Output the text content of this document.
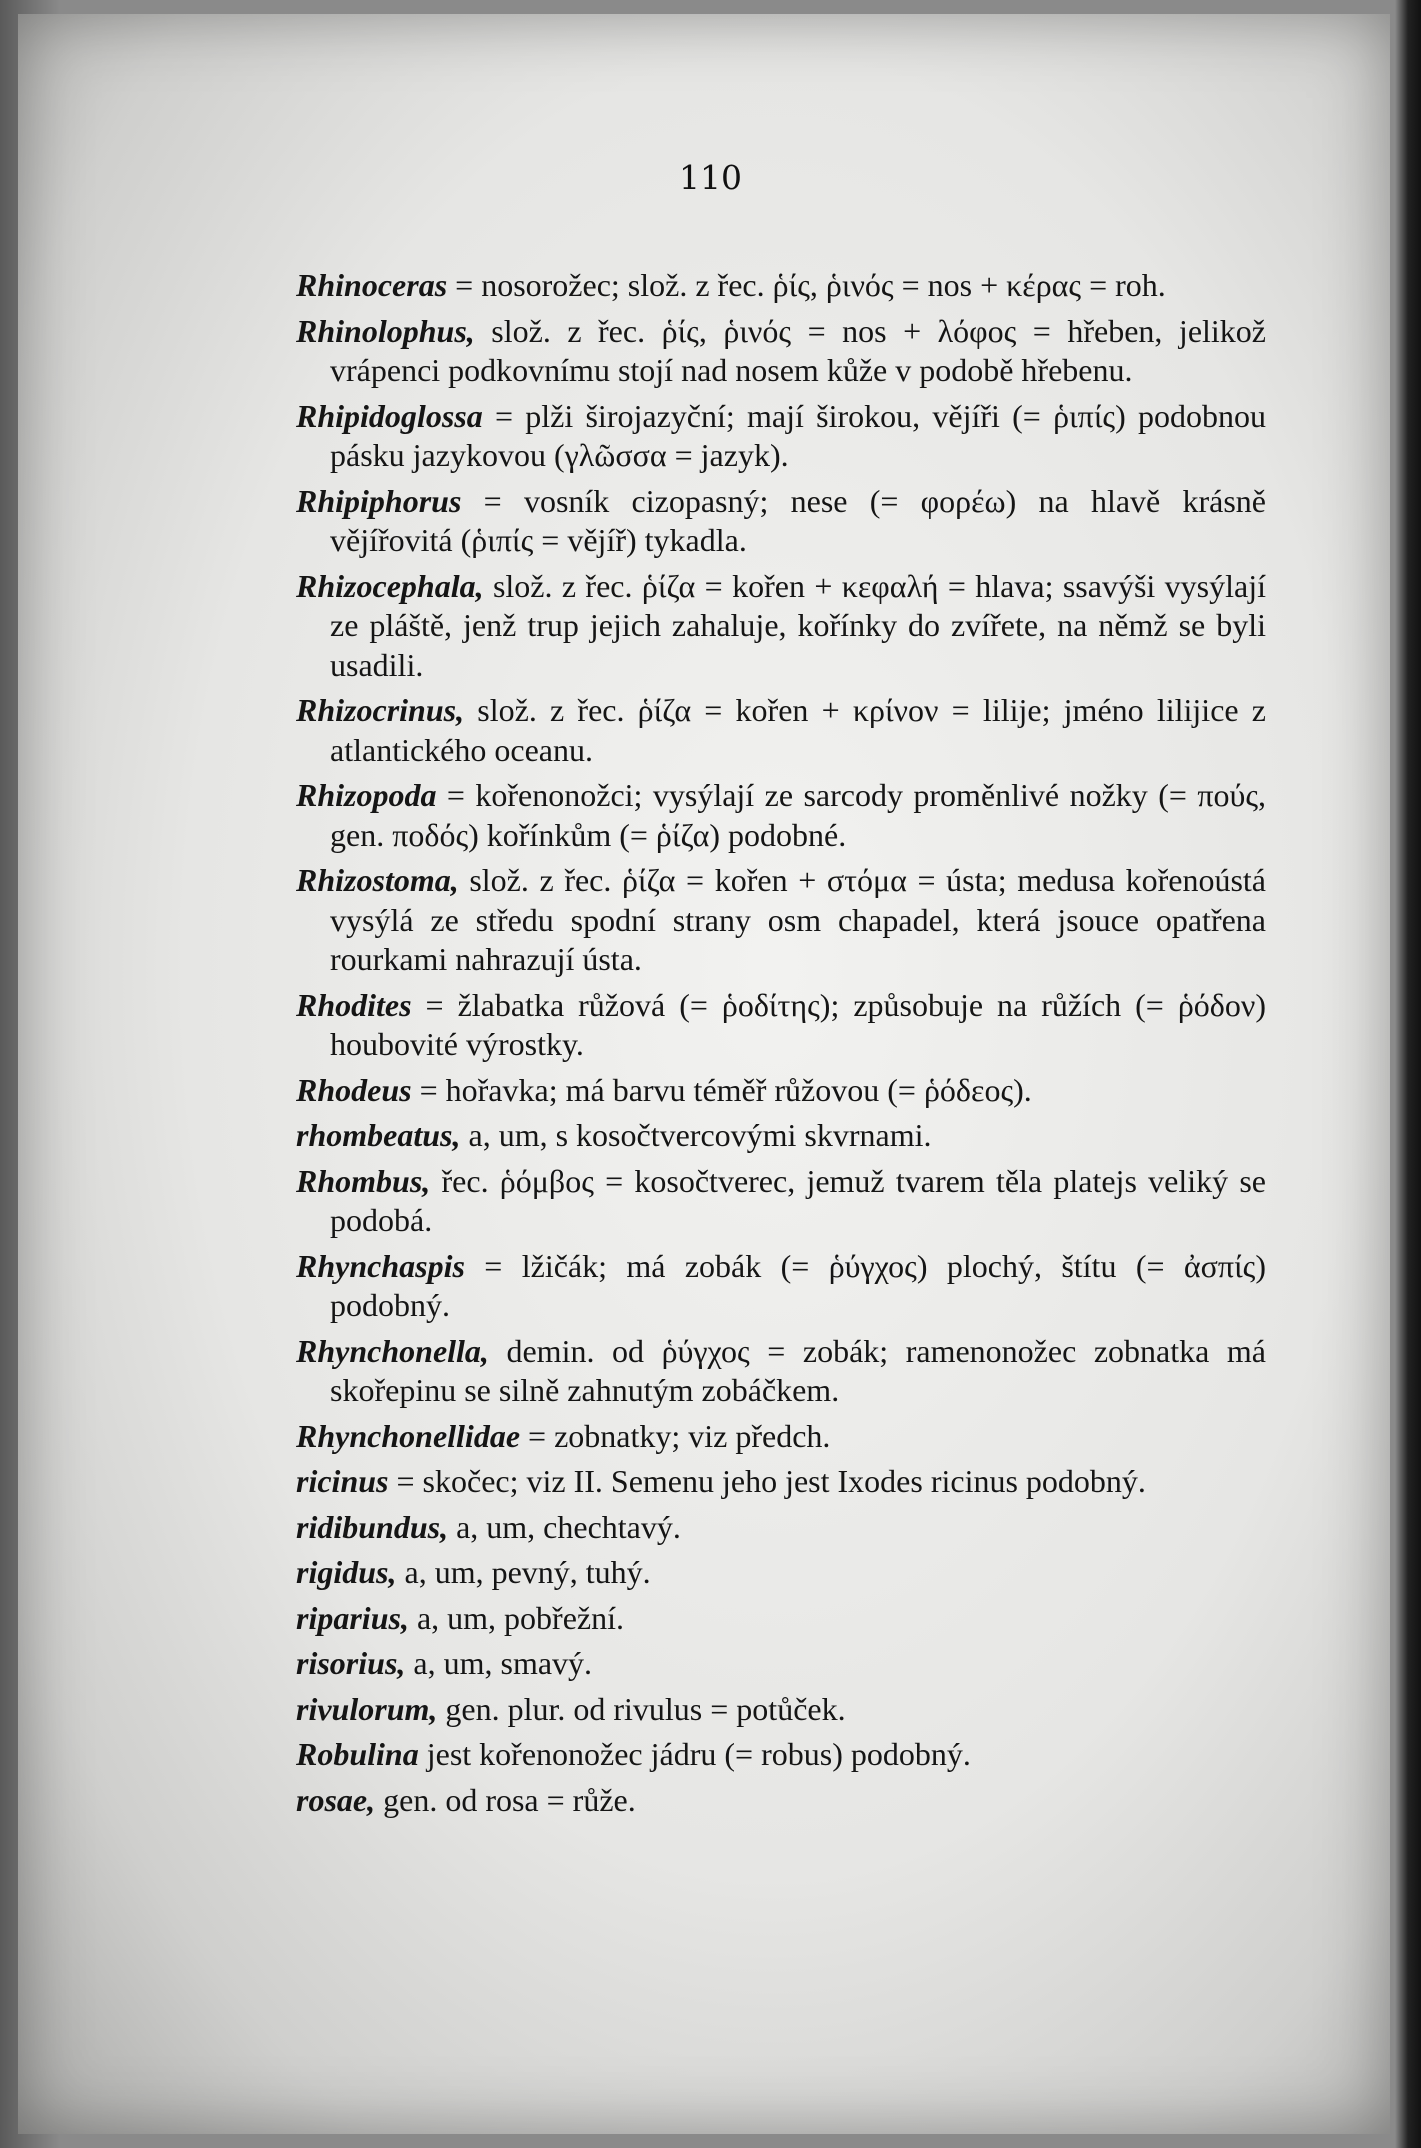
110

Rhinoceras = nosorožec; slož. z řec. ῥίς, ῥινός = nos + κέρας = roh.

Rhinolophus, slož. z řec. ῥίς, ῥινός = nos + λόφος = hřeben, jelikož vrápenci podkovnímu stojí nad nosem kůže v podobě hřebenu.

Rhipidoglossa = plži širojazyční; mají širokou, vějíři (= ῥιπίς) podobnou pásku jazykovou (γλῶσσα = jazyk).

Rhipiphorus = vosník cizopasný; nese (= φορέω) na hlavě krásně vějířovitá (ῥιπίς = vějíř) tykadla.

Rhizocephala, slož. z řec. ῥίζα = kořen + κεφαλή = hlava; ssavýši vysýlají ze pláště, jenž trup jejich zahaluje, kořínky do zvířete, na němž se byli usadili.

Rhizocrinus, slož. z řec. ῥίζα = kořen + κρίνον = lilije; jméno lilijice z atlantického oceanu.

Rhizopoda = kořenonožci; vysýlají ze sarcody proměnlivé nožky (= πούς, gen. ποδός) kořínkům (= ῥίζα) podobné.

Rhizostoma, slož. z řec. ῥίζα = kořen + στόμα = ústa; medusa kořenoústá vysýlá ze středu spodní strany osm chapadel, která jsouce opatřena rourkami nahrazují ústa.

Rhodites = žlabatka růžová (= ῥοδίτης); způsobuje na růžích (= ῥόδον) houbovité výrostky.

Rhodeus = hořavka; má barvu téměř růžovou (= ῥόδεος).

rhombeatus, a, um, s kosočtvercovými skvrnami.

Rhombus, řec. ῥόμβος = kosočtverec, jemuž tvarem těla platejs veliký se podobá.

Rhynchaspis = lžičák; má zobák (= ῥύγχος) plochý, štítu (= ἀσπίς) podobný.

Rhynchonella, demin. od ῥύγχος = zobák; ramenonožec zobnatka má skořepinu se silně zahnutým zobáčkem.

Rhynchonellidae = zobnatky; viz předch.

ricinus = skočec; viz II. Semenu jeho jest Ixodes ricinus podobný.

ridibundus, a, um, chechtavý.

rigidus, a, um, pevný, tuhý.

riparius, a, um, pobřežní.

risorius, a, um, smavý.

rivulorum, gen. plur. od rivulus = potůček.

Robulina jest kořenonožec jádru (= robus) podobný.

rosae, gen. od rosa = růže.
